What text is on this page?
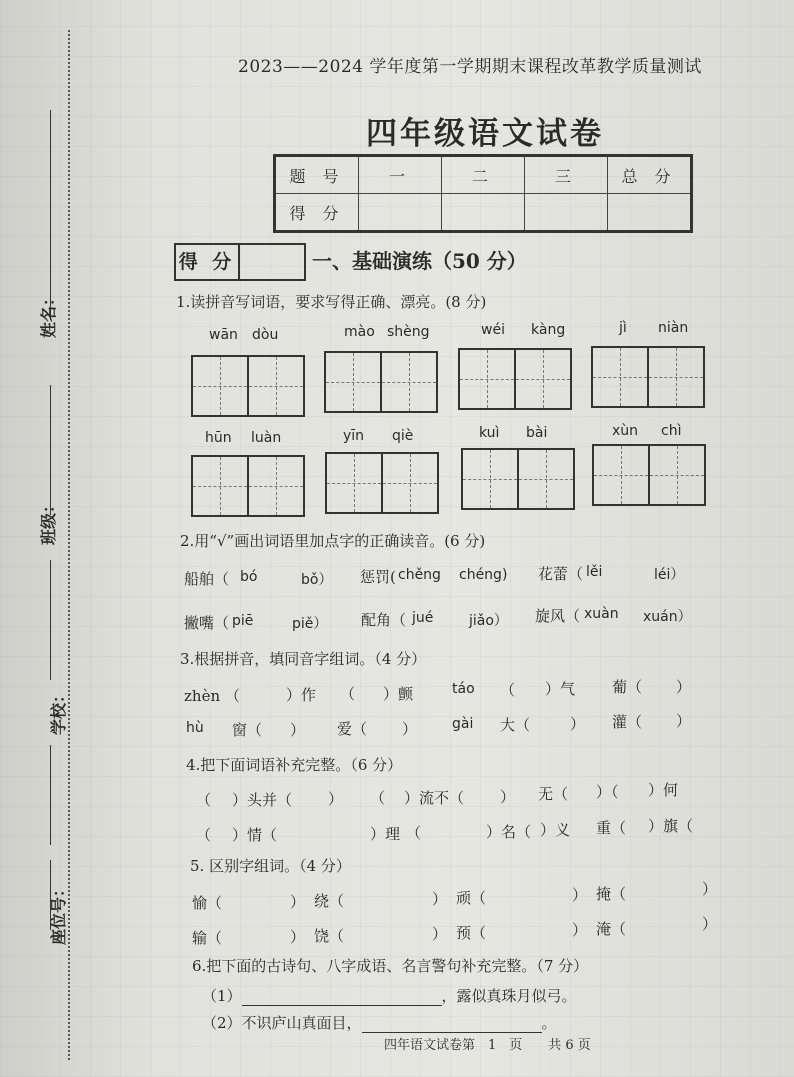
姓名：
班级：
学校：
座位号：
2023——2024 学年度第一学期期末课程改革教学质量测试
四年级语文试卷
题 号	一	二	三	总 分
得 分				
得 分	一、基础演练（50 分）
1.读拼音写词语，要求写得正确、漂亮。(8 分)
wān dòu	mào shèng	wéi kàng	jì niàn
hūn luàn	yīn qiè	kuì bài	xùn chì
2.用“√”画出词语里加点字的正确读音。(6 分)
船舶（ bó	bǒ） 惩罚( chěng chéng) 花蕾（ lěi	léi）
撇嘴（ piē	piě） 配角（ jué	jiǎo） 旋风（ xuàn xuán）
3.根据拼音，填同音字组词。（4 分）
zhèn （	）作 （ ）颤	táo （ ）气 葡（ ）
hù 窗（ ） 爱（ ） gài 大（	） 灌（ ）
4.把下面词语补充完整。（6 分）
（ ）头并（ ） （ ）流不（ ） 无（ ）（ ）何
（ ）情（	）理 （	）名（ ）义 重（ ）旗（
5. 区别字组词。（4 分）
愉（	） 绕（	） 顽（	） 掩（	）
输（	） 饶（	） 预（	） 淹（	）
6.把下面的古诗句、八字成语、名言警句补充完整。（7 分）
（1）	，露似真珠月似弓。
（2）不识庐山真面目，	。
四年语文试卷第　1　页　　共 6 页
